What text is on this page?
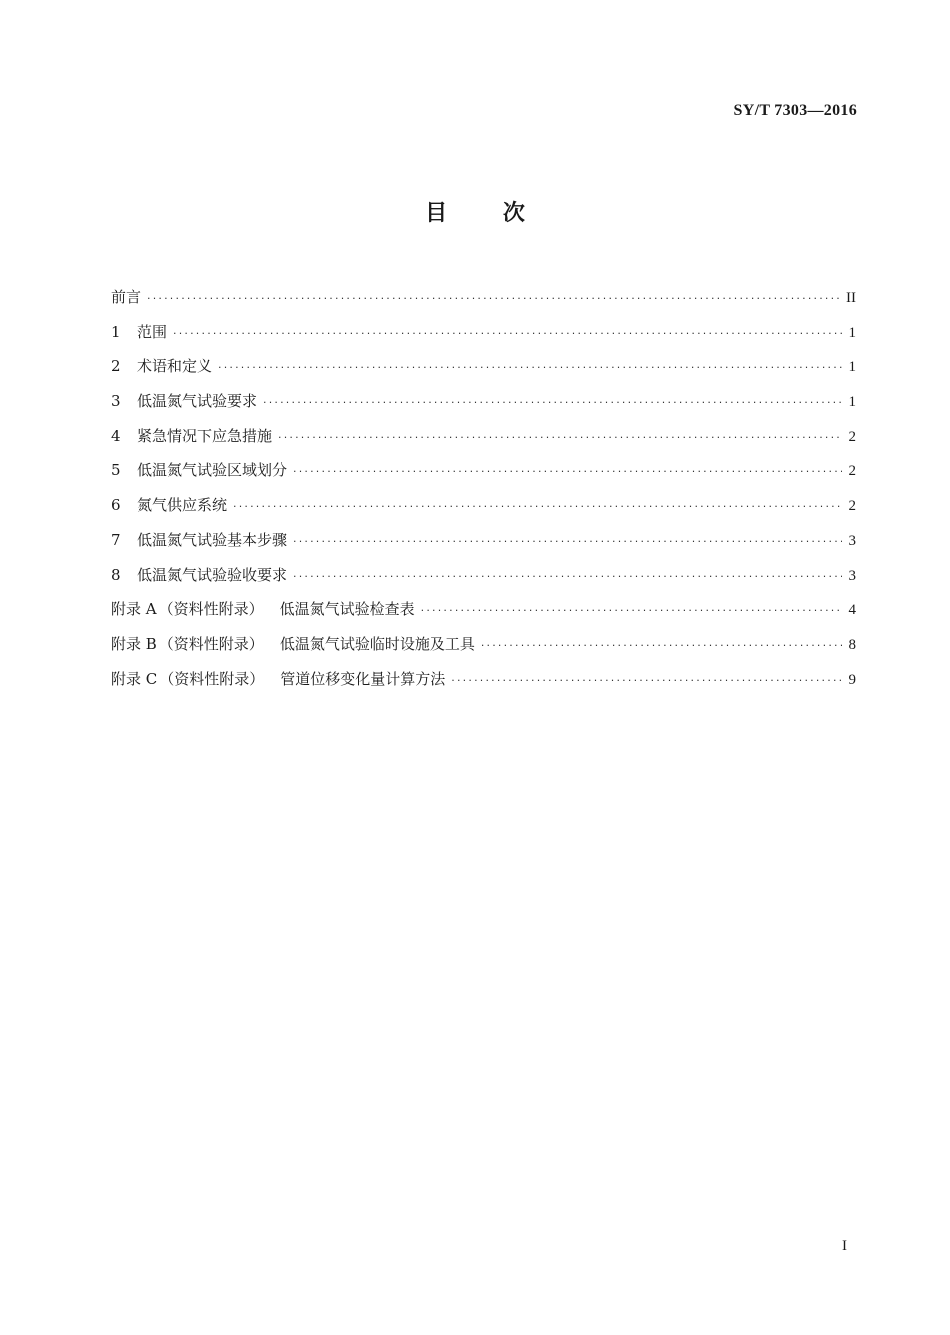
SY/T 7303—2016
目 次
前言 ·····	II
1 范围 ·····	1
2 术语和定义 ·····	1
3 低温氮气试验要求 ·····	1
4 紧急情况下应急措施 ·····	2
5 低温氮气试验区域划分 ·····	2
6 氮气供应系统 ·····	2
7 低温氮气试验基本步骤 ·····	3
8 低温氮气试验验收要求 ·····	3
附录 A （资料性附录） 低温氮气试验检查表 ·····	4
附录 B （资料性附录） 低温氮气试验临时设施及工具 ·····	8
附录 C （资料性附录） 管道位移变化量计算方法 ·····	9
I
